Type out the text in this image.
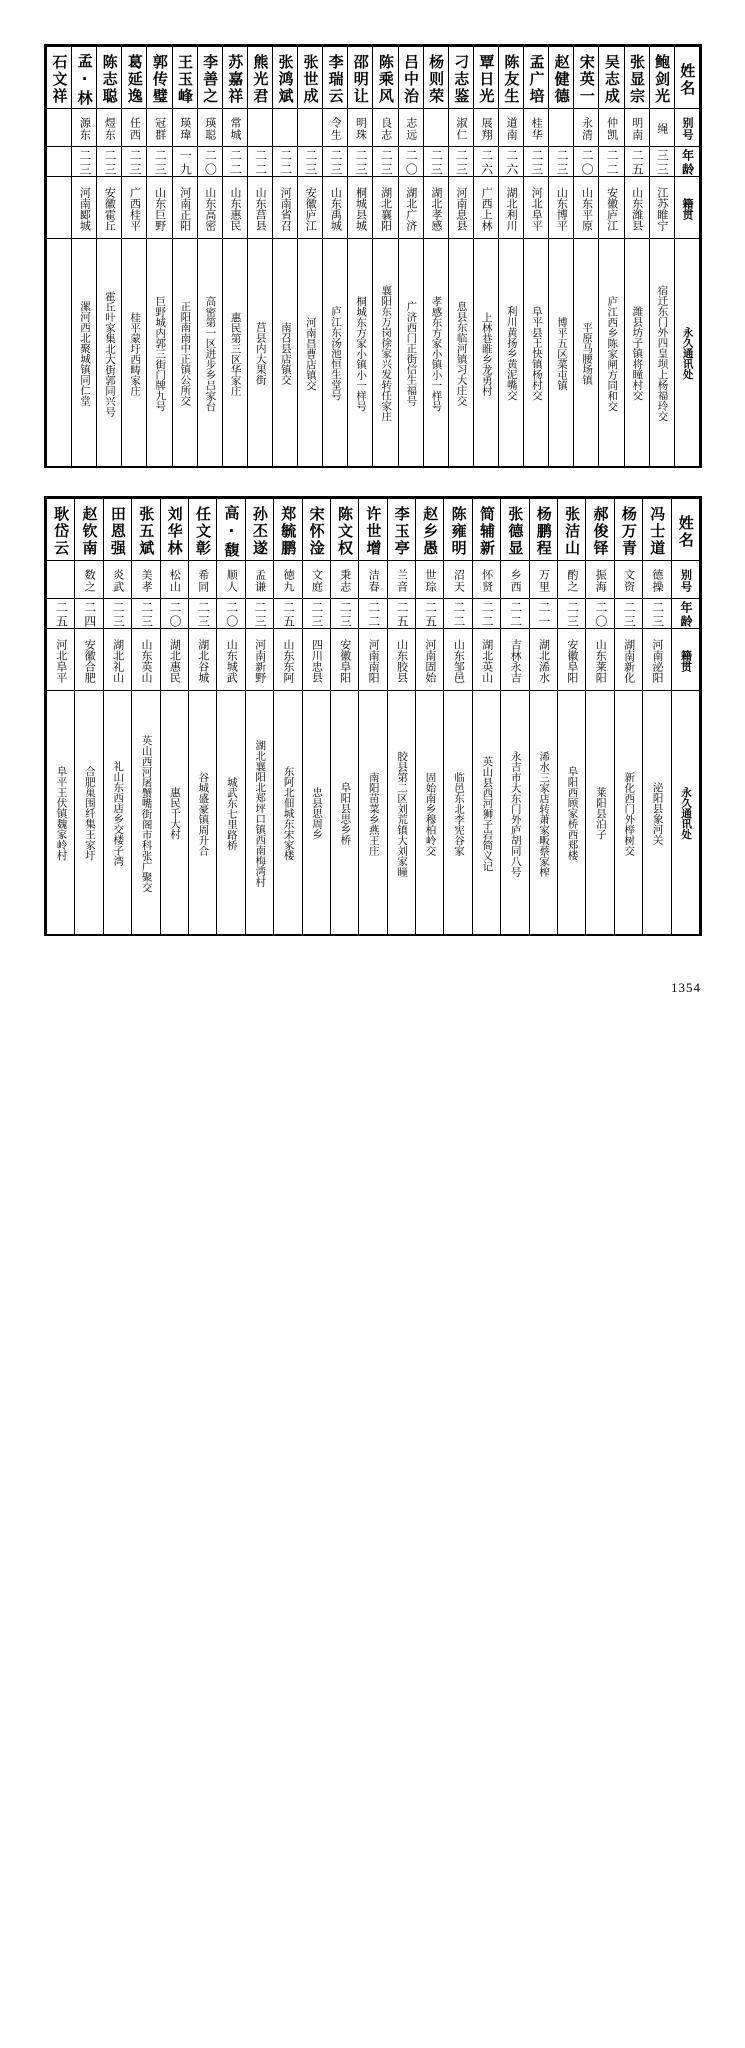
石文祥	孟·林	陈志聪	葛延逸	郭传璧	王玉峰	李善之	苏嘉祥	熊光君	张鸿斌	张世成	李瑞云	邵明让	陈乘风	吕中治	杨则荣	刁志鉴	覃日光	陈友生	孟广培	赵健德	宋英一	吴志成	张显宗	鲍剑光	姓名

	源东	煜东	任西	冠群	瑛瑋	瑛聪	常城				令生	明珠	良志	志远		淑仁	展翔	道南	桂华		永清	仲凯	明南	绳	别号

	二三	二三	二三	二三	一九	二〇	二二	二二	二二	二三	二三	二三	二三	二〇	二三	二三	二六	二六	二三	二三	二〇	二二	二五	三三	年龄

	河南郾城	安徽霍丘	广西桂平	山东巨野	河南正阳	山东高密	山东惠民	山东莒县	河南省召	安徽庐江	山东禹城	桐城县城	湖北襄阳	湖北广济	湖北孝感	河南息县	广西上林	湖北利川	河北阜平	山东博平	山东平原	安徽庐江	山东潍县	江苏睢宁	籍贯

	漯河西北聚城镇同仁堂	霍丘叶家集北大街郭同兴号	桂平蒙圩西畴家庄	巨野城内郭三街门牌九号	正阳南南中正镇公所交	高密第一区进步乡吕家台	惠民第三区华家庄	莒县内大果街	南召县店镇交	河南昌曹店镇交	庐江东汤池恒生堂号	桐城东方家小镇小一样号	襄阳东万岗徐家兴发转任家庄	广济西门正街信生福号	孝感东方家小镇小一样号	息县东临河镇习大庄交	上林巷睢乡龙勇村	利川黄扬乡黄泥嘴交	阜平县王快镇杨村交	博平五区菜屯镇	平原马腰场镇	庐江西乡陈家闸方同和交	潍县坊子镇将瞳村交	宿迁东门外四皇坝上杨福玲交	永久通讯处
耿岱云	赵钦南	田恩强	张五斌	刘华林	任文彰	高·馥	孙丕遂	郑毓鹏	宋怀淦	陈文权	许世增	李玉亭	赵乡愚	陈雍明	简辅新	张德显	杨鹏程	张洁山	郝俊铎	杨万青	冯士道	姓名

	数之	炎武	美孝	松山	希同	顺人	孟谦	徳九	文庭	秉志	洁春	兰音	世琮	沼天	怀贤	乡西	万里	酌之	振海	文资	德操	别号

二五	二四	二三	二三	二〇	二三	二〇	二三	二五	二三	二三	二二	二五	二五	二二	二二	二二	二一	二三	二〇	二三	二三	年龄

河北阜平	安徽合肥	湖北礼山	山东英山	湖北惠民	湖北谷城	山东城武	河南新野	山东东阿	四川忠县	安徽阜阳	河南南阳	山东胶县	河南固始	山东邹邑	湖北英山	吉林永吉	湖北浠水	安徽阜阳	山东莱阳	湖南新化	河南泌阳	籍贯

阜平王伏镇魏家岭村	合肥巢围纤集王家圩	礼山东西店乡交楼子湾	英山西河屠蟹嘴街阁市科张广聚交	惠民千大村	谷城盛豪镇周升合	城武东七里路桥	湖北襄阳北郑坪口镇西南梅湾村	东阿北佃城东宋家楼	忠县思周乡	阜阳县思乡桥	南阳苗菜乡燕王庄	胶县第二区刘荒镇大刘家瞳	固始南乡穆柏岭交	临邑东北李宪谷家	英山县西河狮子岩简义记	永吉市大东门外庐胡同八号	浠水三家店转萧家畈蔡家榨	阜阳西顾家桥西郑楼	莱阳县泊子	新化西门外榉树交	泌阳县象河关	永久通讯处
1354
